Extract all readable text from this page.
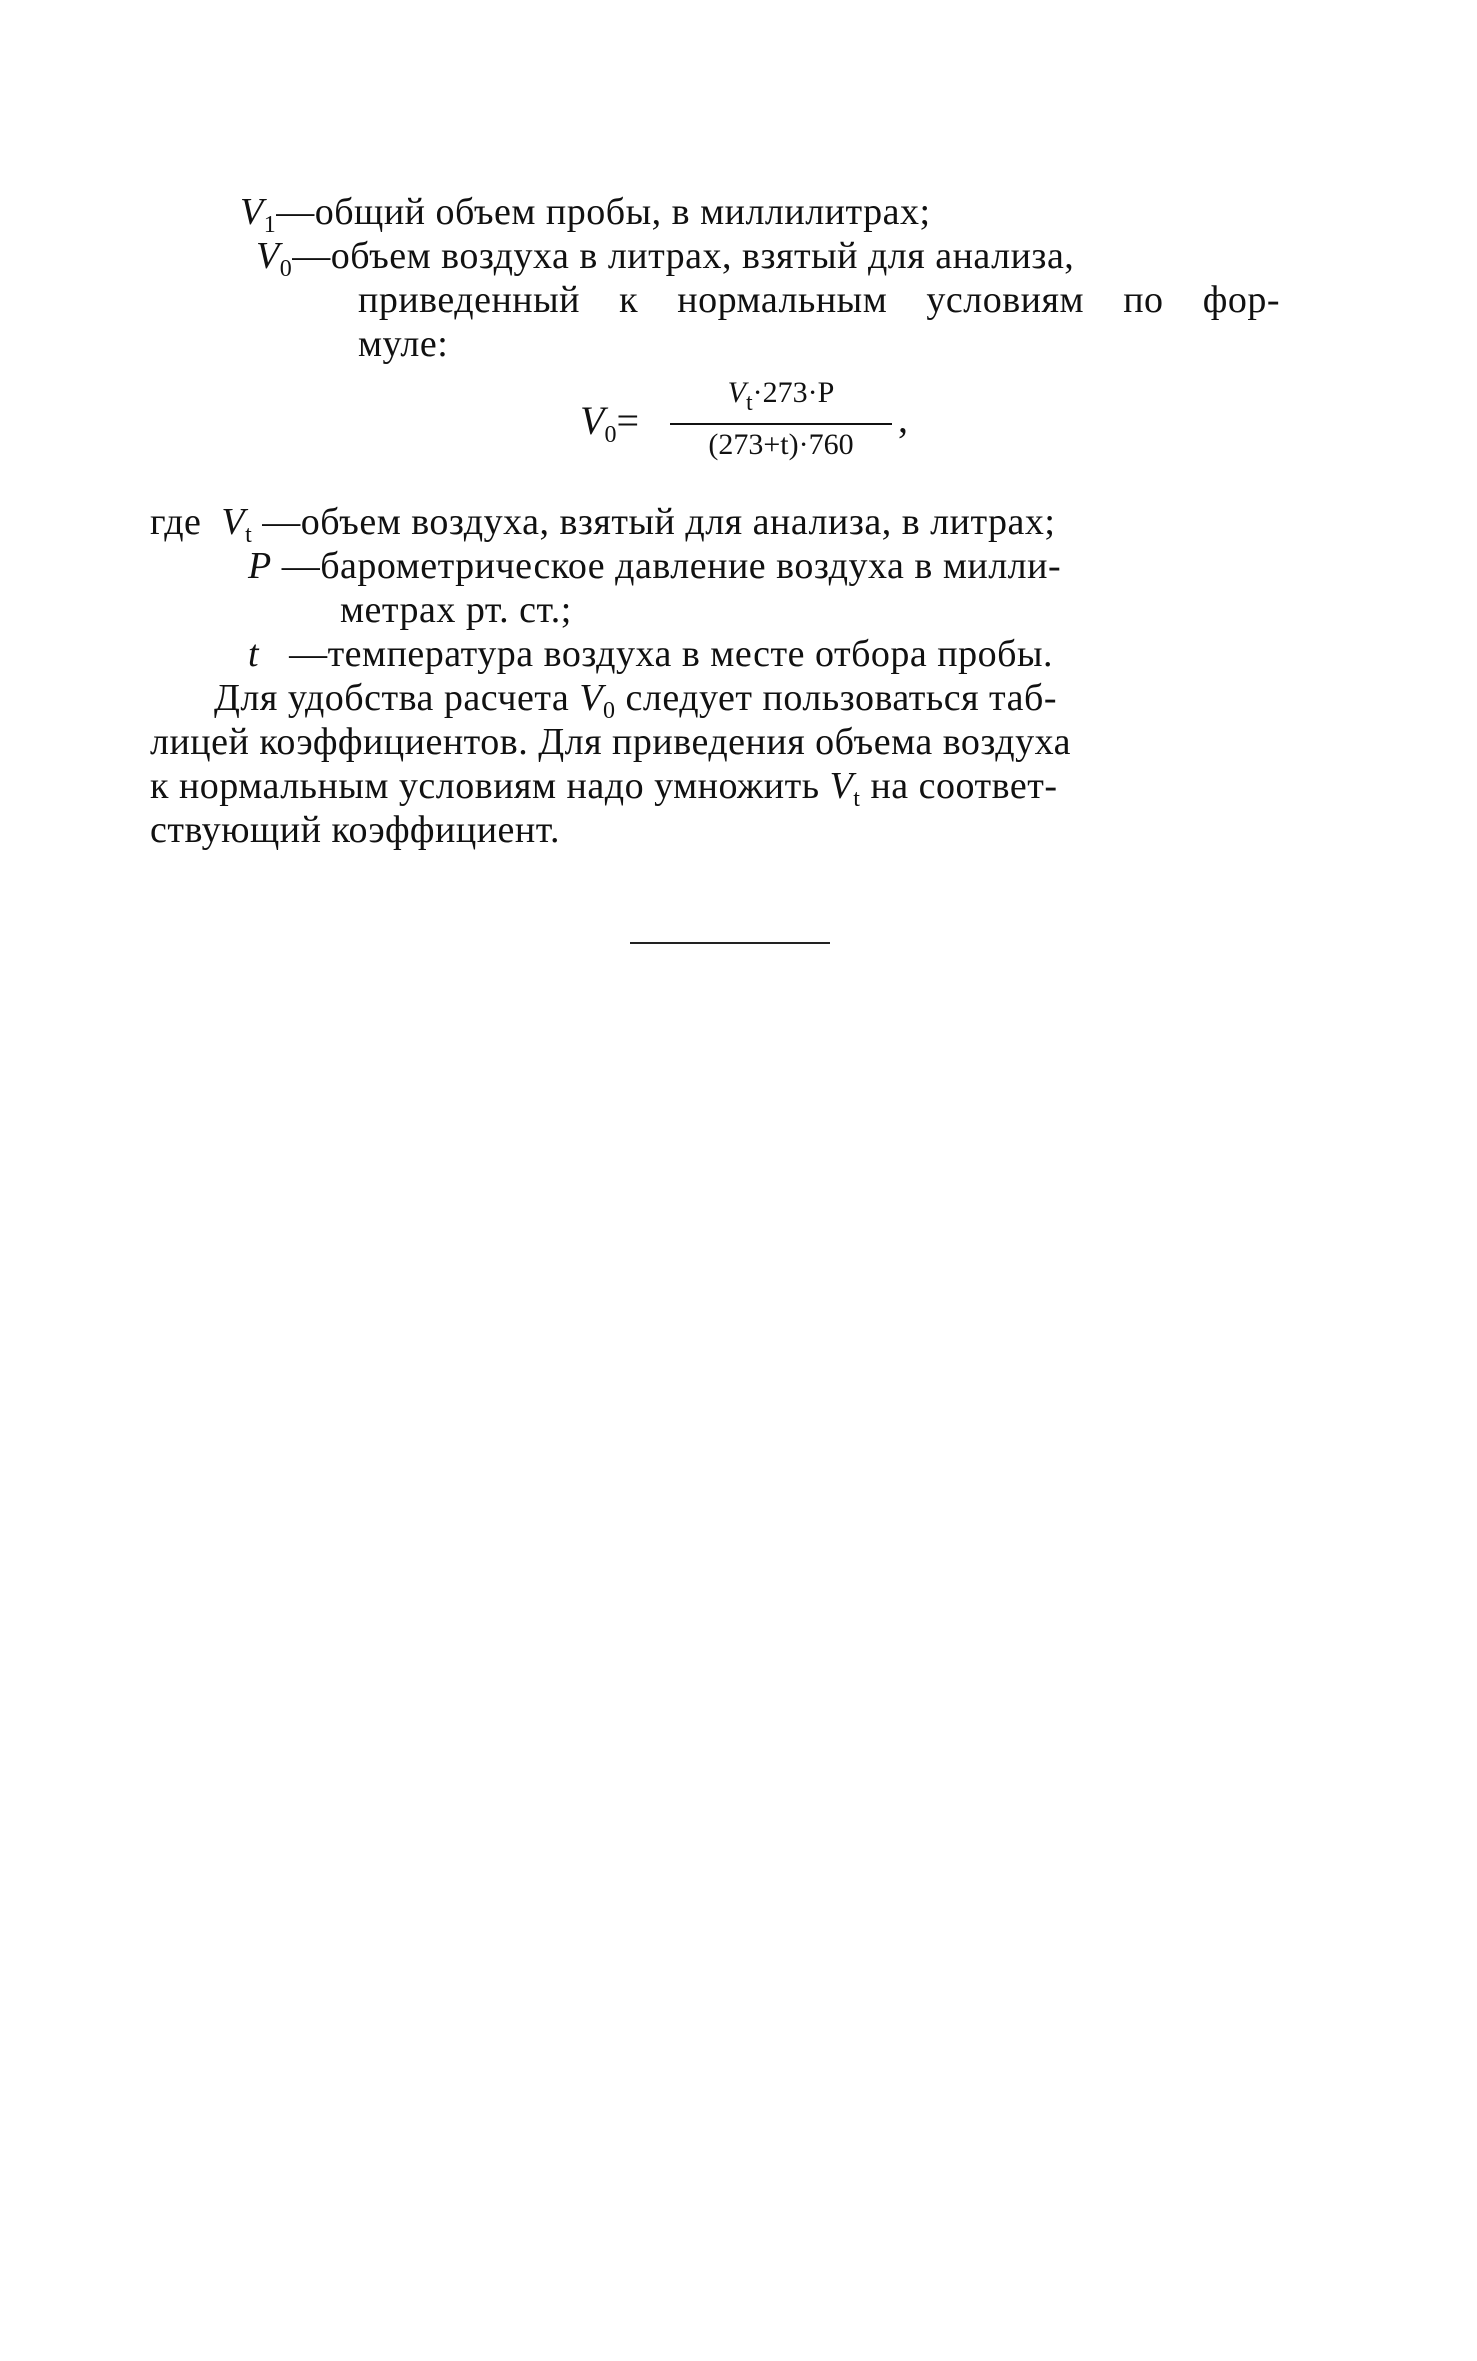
$V_1—общий$ объем пробы, в миллилитрах;
$V_0—объем$ воздуха в литрах, взятый для анализа,
приведенный к нормальным условиям по фор-
муле:
$V_0=$
$V_t\cdot 273\cdot P$
(273+t)·760
,
где $V_t$ —объем воздуха, взятый для анализа, в литрах;
P —барометрическое давление воздуха в милли-
метрах рт. ст.;
t —температура воздуха в месте отбора пробы.
Для удобства расчета $V_0$ следует пользоваться таб-
лицей коэффициентов. Для приведения объема воздуха
к нормальным условиям надо умножить $V_t$ на соответ-
ствующий коэффициент.
